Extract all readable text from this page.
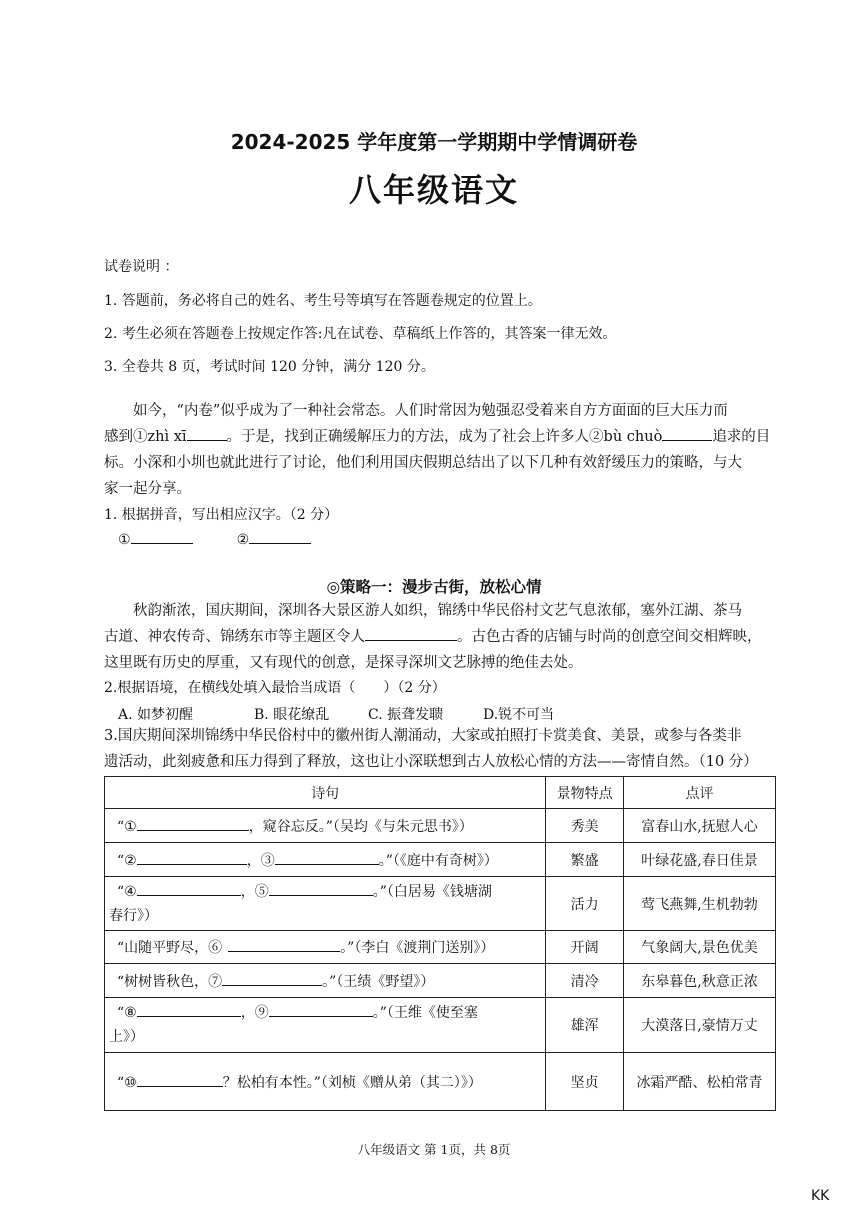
2024-2025 学年度第一学期期中学情调研卷
八年级语文
试卷说明 ：
1. 答题前，务必将自己的姓名、考生号等填写在答题卷规定的位置上。
2. 考生必须在答题卷上按规定作答:凡在试卷、草稿纸上作答的，其答案一律无效。
3. 全卷共 8 页，考试时间 120 分钟，满分 120 分。
如今，“内卷”似乎成为了一种社会常态。人们时常因为勉强忍受着来自方方面面的巨大压力而
感到①zhì xī	。于是，找到正确缓解压力的方法，成为了社会上许多人②bù chuò	追求的目
标。小深和小圳也就此进行了讨论，他们利用国庆假期总结出了以下几种有效舒缓压力的策略，与大
家一起分享。
1. 根据拼音，写出相应汉字。（2 分）
①	②
◎策略一：漫步古街，放松心情
秋韵渐浓，国庆期间，深圳各大景区游人如织，锦绣中华民俗村文艺气息浓郁，塞外江湖、茶马
古道、神农传奇、锦绣东市等主题区令人	。古色古香的店铺与时尚的创意空间交相辉映，
这里既有历史的厚重，又有现代的创意，是探寻深圳文艺脉搏的绝佳去处。
2.根据语境，在横线处填入最恰当成语（　　）（2 分）
A. 如梦初醒	B. 眼花缭乱	C. 振聋发聩	D.锐不可当
3.国庆期间深圳锦绣中华民俗村中的徽州街人潮涌动，大家或拍照打卡赏美食、美景，或参与各类非
遗活动，此刻疲惫和压力得到了释放，这也让小深联想到古人放松心情的方法——寄情自然。（10 分）
诗句	景物特点	点评
“① ，窥谷忘反。”（吴均《与朱元思书》）	秀美	富春山水,抚慰人心
“② ，③ 。”（《庭中有奇树》）	繁盛	叶绿花盛,春日佳景
“④ ，⑤ 。”（白居易《钱塘湖
春行》）	活力	莺飞燕舞,生机勃勃
“山随平野尽，⑥ 。”（李白《渡荆门送别》）	开阔	气象阔大,景色优美
“树树皆秋色，⑦ 。”（王绩《野望》）	清冷	东皋暮色,秋意正浓
“⑧ ，⑨ 。”（王维《使至塞
上》）	雄浑	大漠落日,豪情万丈
“⑩ ？松柏有本性。”（刘桢《赠从弟（其二）》）	坚贞	冰霜严酷、松柏常青
八年级语文 第 1页，共 8页
KK
